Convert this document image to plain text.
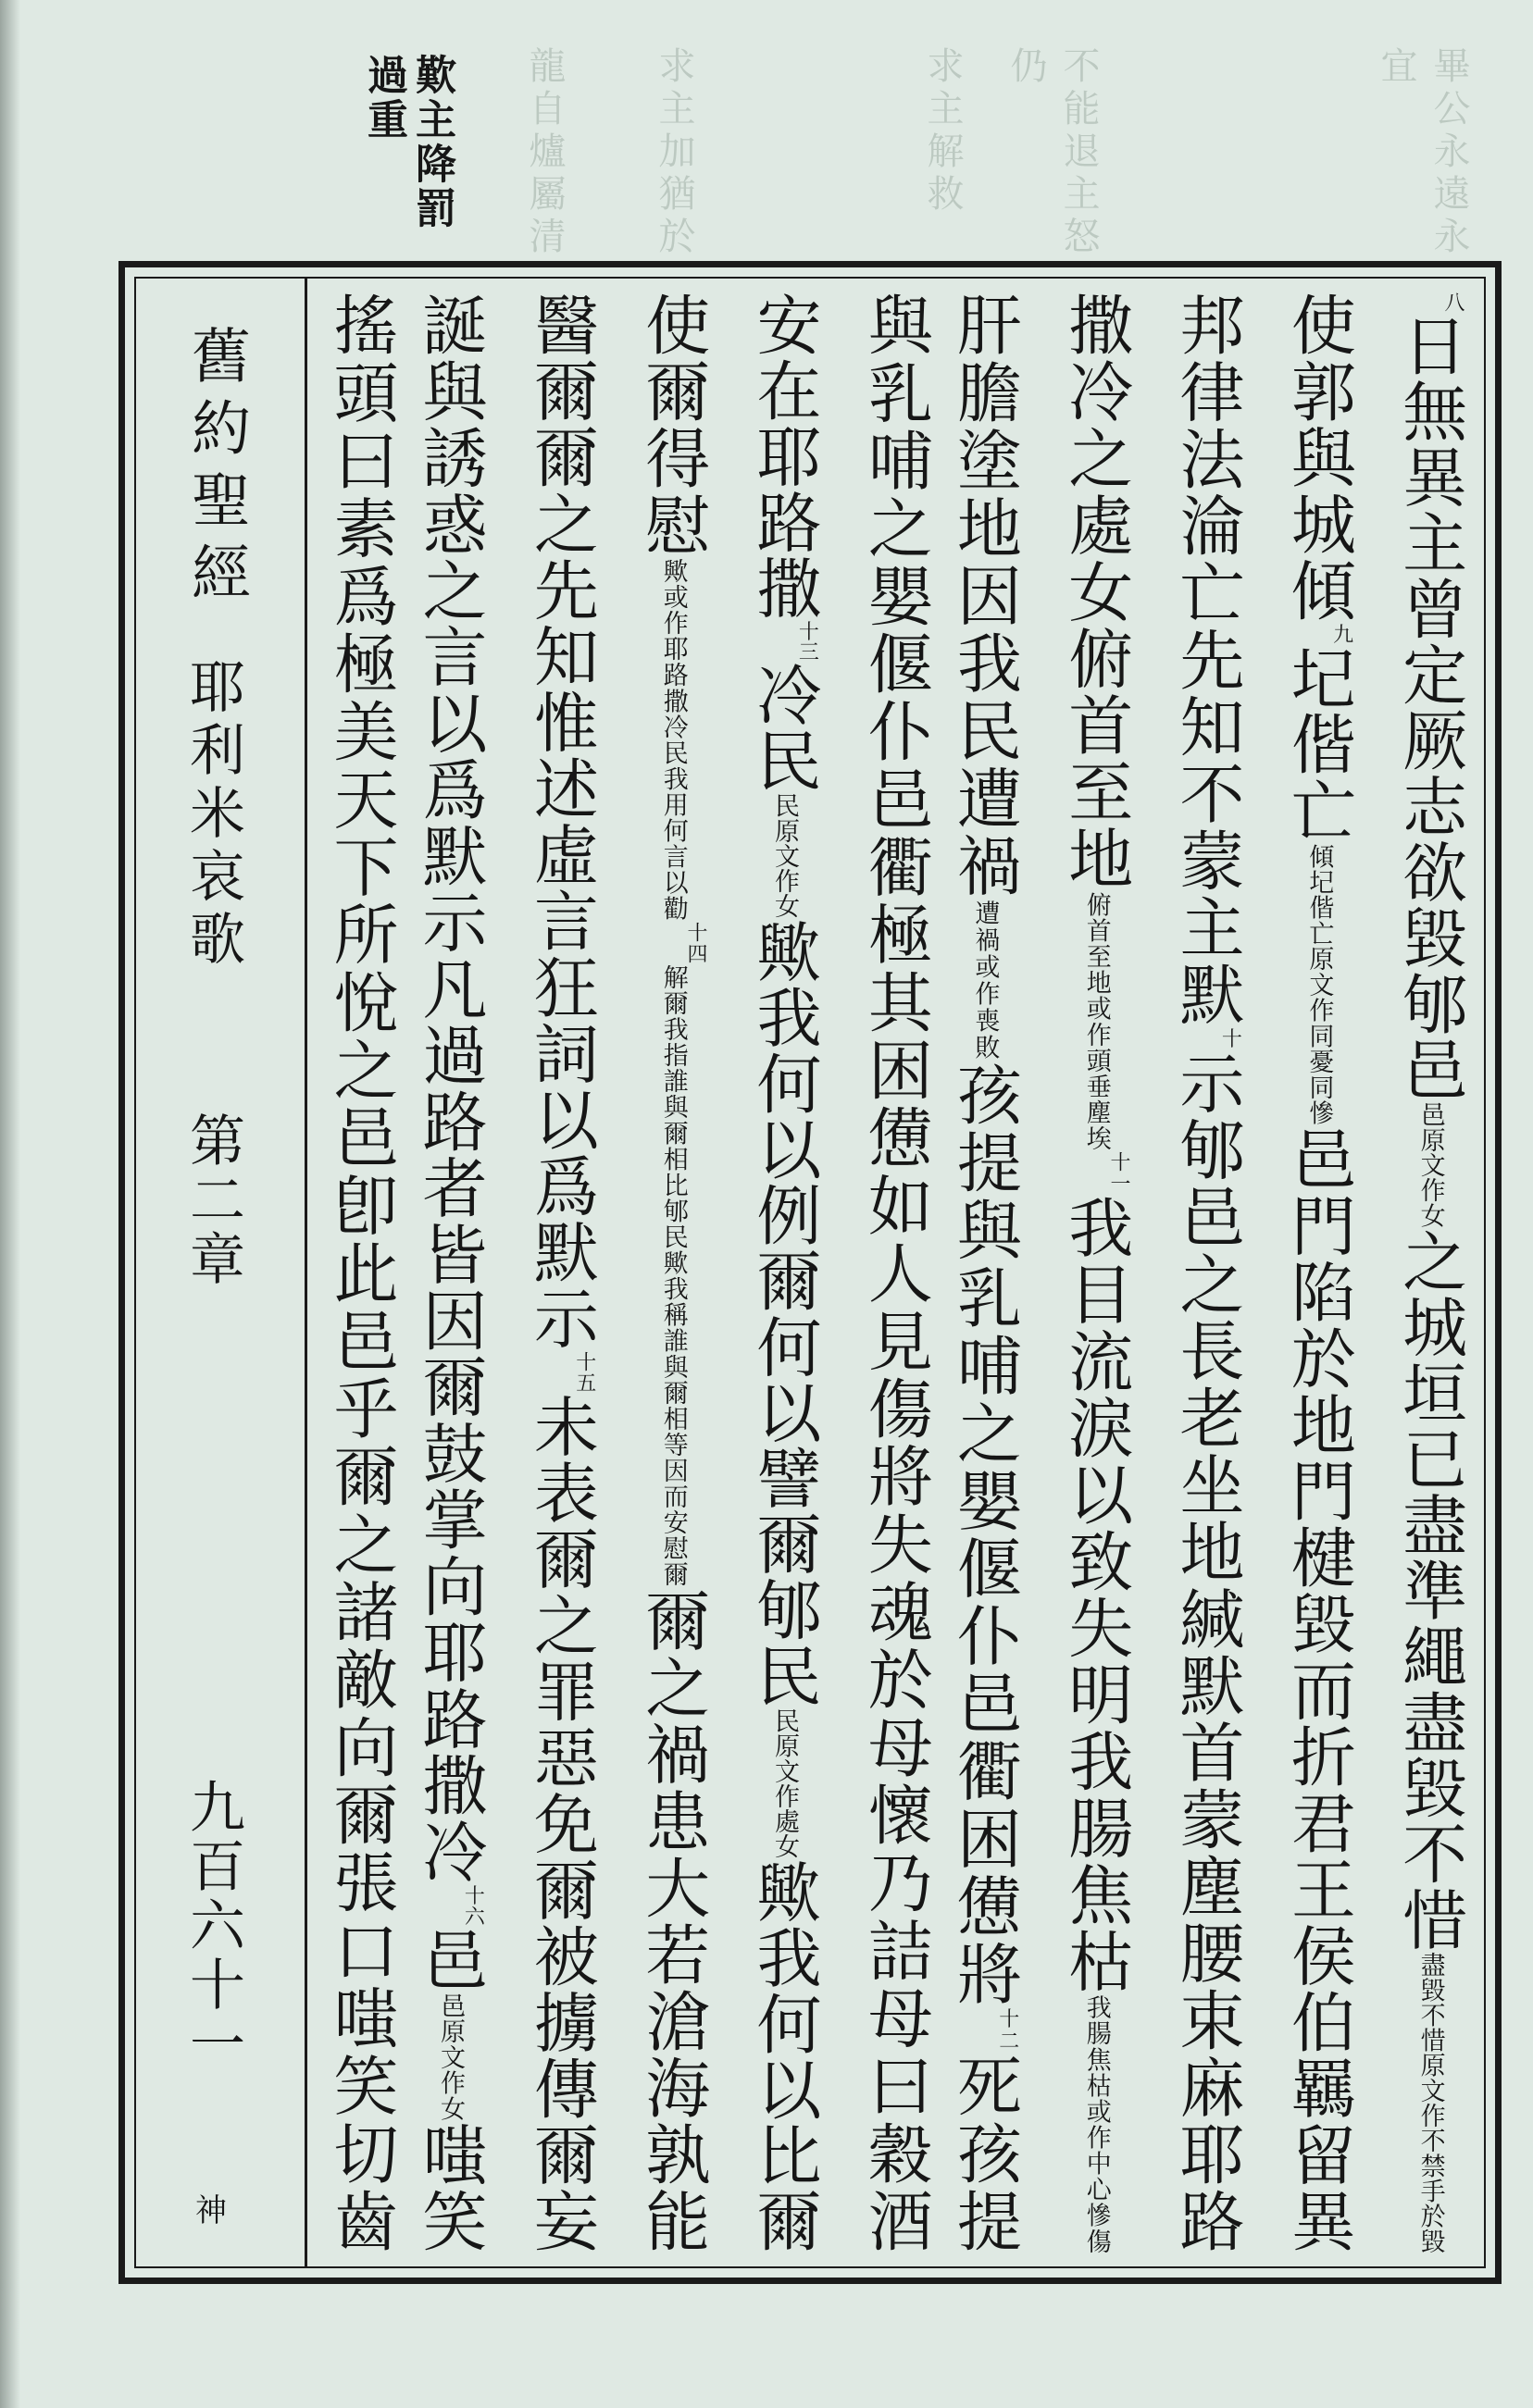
畢公永遠永宜
不能退主怒仍
求主解救
求主加猶於
龍自爐屬清
歎主降罰過重
舊約聖經
耶利米哀歌
第二章
九百六十一
神
$^八$日無異主曾定厥志欲毀郇邑邑原文作女之城垣已盡準繩盡毀不惜盡毀不惜原文作不禁手於毀使郭與城傾$^九$圮偕亡傾圮偕亡原文作同憂同慘邑門陷於地門楗毀而折君王侯伯羈留異邦律法淪亡先知不蒙主默$^十$示郇邑之長老坐地緘默首蒙塵腰束麻耶路撒冷之處女俯首至地俯首至地或作頭垂塵埃$^{十一}$我目流淚以致失明我腸焦枯我腸焦枯或作中心慘傷肝膽塗地因我民遭禍遭禍或作喪敗孩提與乳哺之嬰偃仆邑衢困憊將$^{十二}$死孩提與乳哺之嬰偃仆邑衢極其困憊如人見傷將失魂於母懷乃詰母曰穀酒安在耶路撒$^{十三}$冷民民原文作女歟我何以例爾何以譬爾郇民民原文作處女歟我何以比爾使爾得慰歟或作耶路撒冷民我用何言以勸$^{十四}$解爾我指誰與爾相比郇民歟我稱誰與爾相等因而安慰爾爾之禍患大若滄海孰能醫爾爾之先知惟述虛言狂詞以爲默示$^{十五}$未表爾之罪惡免爾被擄傳爾妄誕與誘惑之言以爲默示凡過路者皆因爾鼓掌向耶路撒冷$^{十六}$邑邑原文作女嗤笑搖頭曰素爲極美天下所悅之邑卽此邑乎爾之諸敵向爾張口嗤笑切齒
